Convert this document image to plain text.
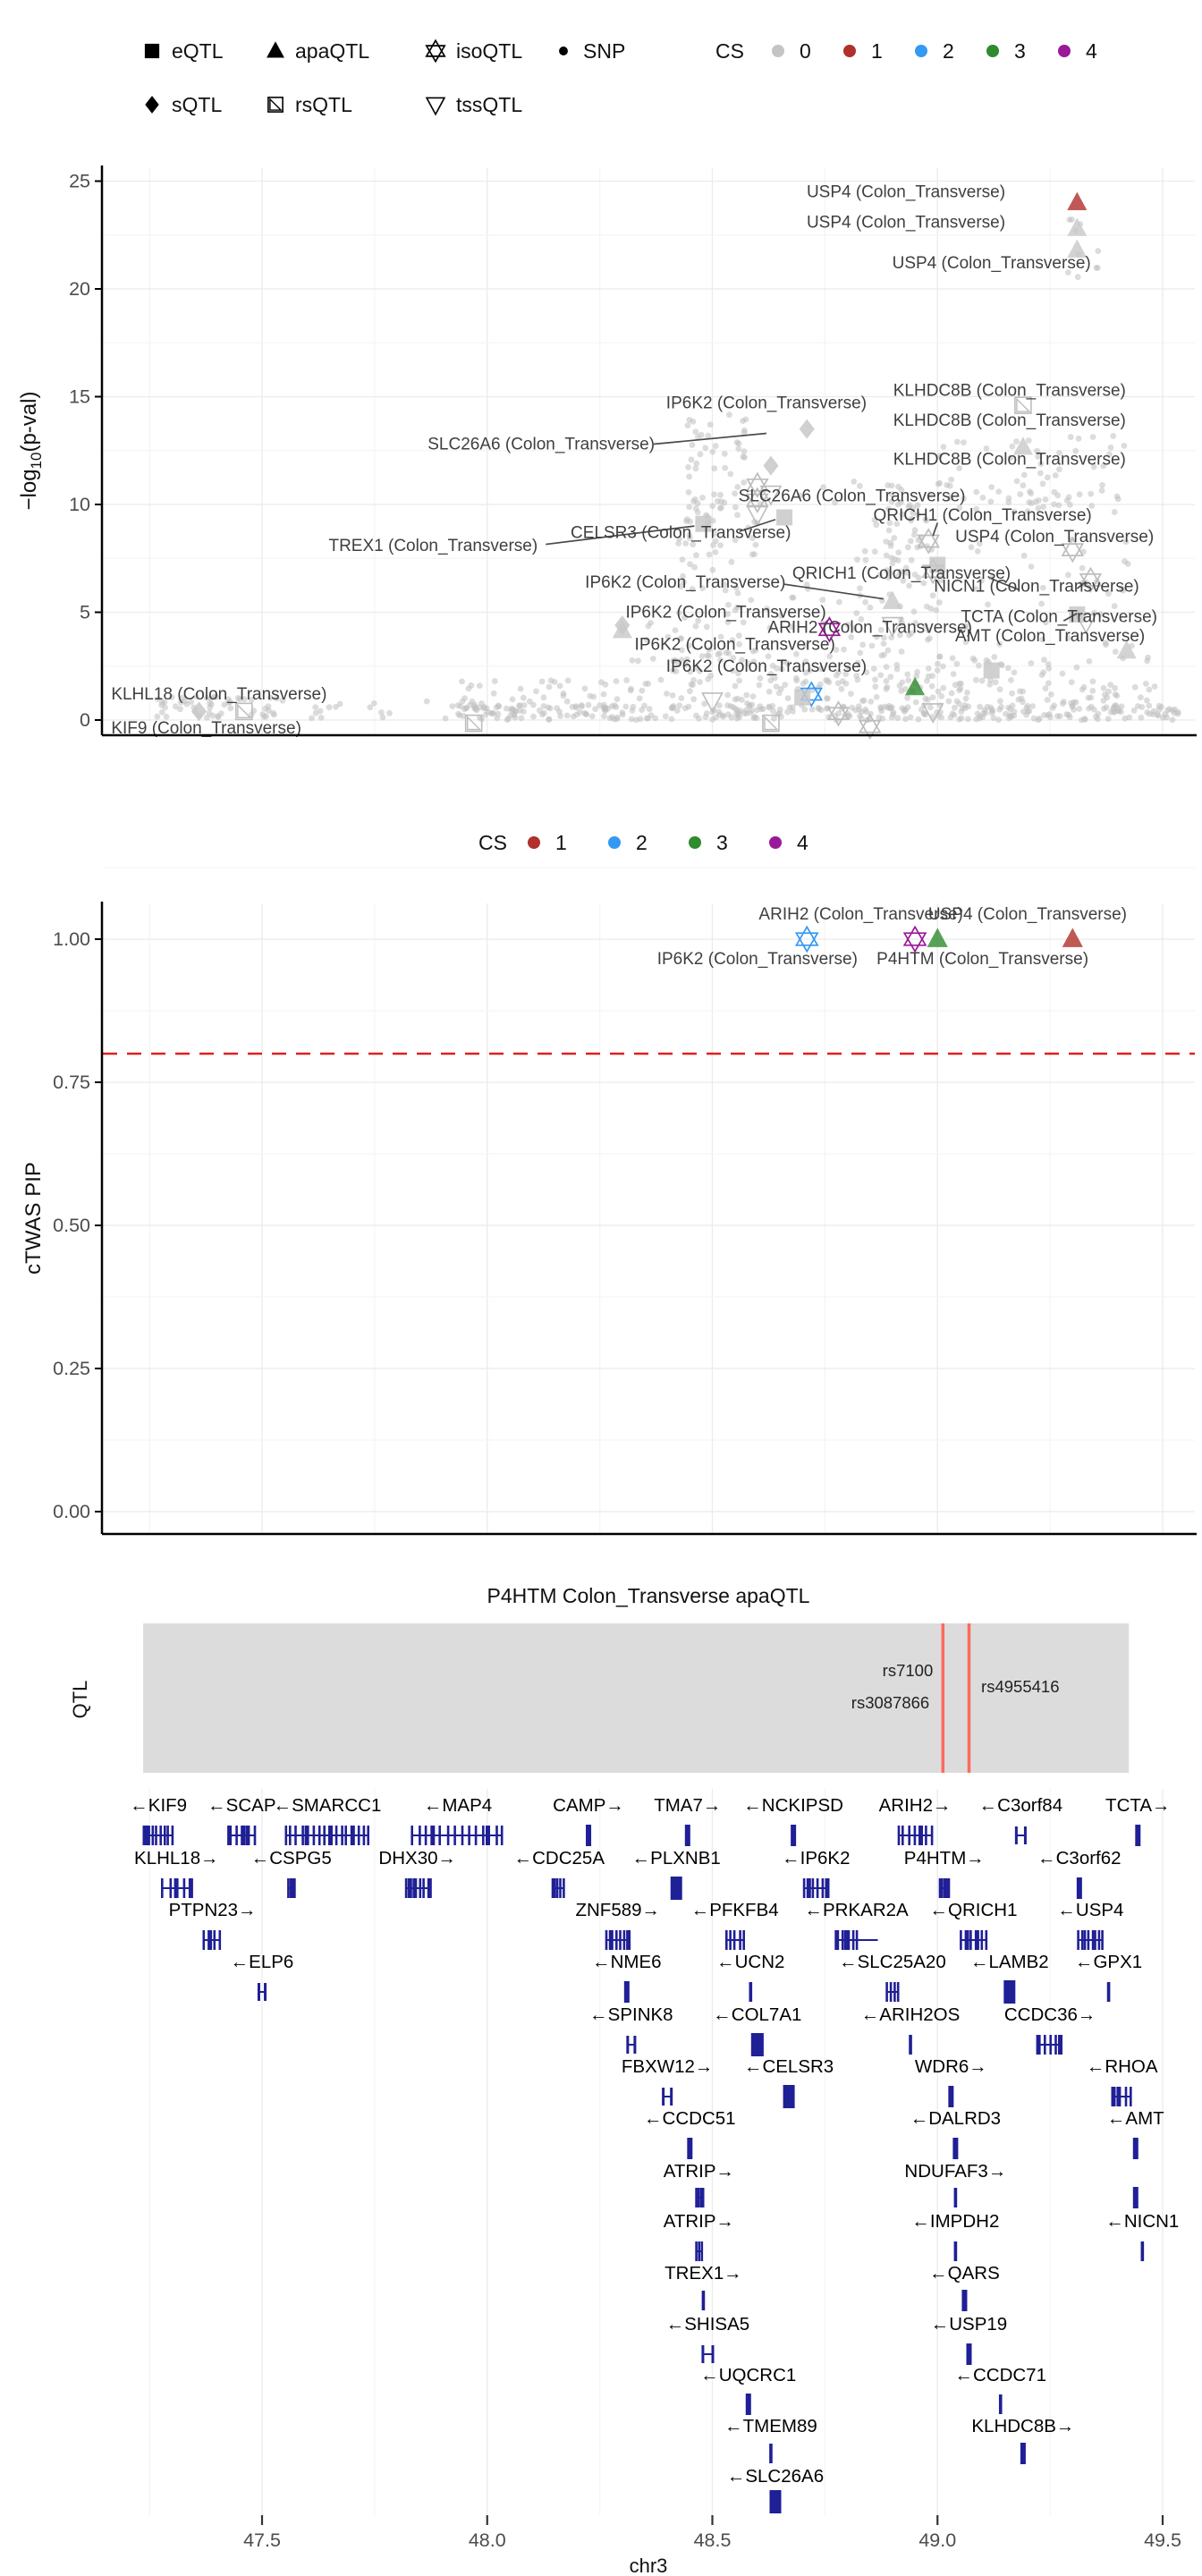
USP4 (Colon_Transverse)
USP4 (Colon_Transverse)
USP4 (Colon_Transverse)
KLHDC8B (Colon_Transverse)
KLHDC8B (Colon_Transverse)
KLHDC8B (Colon_Transverse)
IP6K2 (Colon_Transverse)
SLC26A6 (Colon_Transverse)
SLC26A6 (Colon_Transverse)
QRICH1 (Colon_Transverse)
USP4 (Colon_Transverse)
TREX1 (Colon_Transverse)
CELSR3 (Colon_Transverse)
QRICH1 (Colon_Transverse)
NICN1 (Colon_Transverse)
IP6K2 (Colon_Transverse)
IP6K2 (Colon_Transverse)
IP6K2 (Colon_Transverse)
ARIH2 (Colon_Transverse)
TCTA (Colon_Transverse)
AMT (Colon_Transverse)
IP6K2 (Colon_Transverse)
KLHL18 (Colon_Transverse)
KIF9 (Colon_Transverse)
0
5
10
15
20
25
$-\log_{10}(p-val)$
eQTL	apaQTL	isoQTL	SNP
sQTL	rsQTL	tssQTL
CS	0	1	2	3	4
ARIH2 (Colon_Transverse)
USP4 (Colon_Transverse)
IP6K2 (Colon_Transverse) P4HTM (Colon_Transverse)
1.00
0.75
0.50
0.25
0.00
cTWAS PIP
CS 1	2	3	4
P4HTM Colon_Transverse apaQTL
rs7100
rs4955416
rs3087866
QTL
←KIF9 ←SCAP
←SMARCC1 ←MAP4	CAMP→ TMA7→ ←NCKIPSD ARIH2→ ←C3orf84 TCTA→
KLHL18→ ←CSPG5	DHX30→	←CDC25A ←PLXNB1	←IP6K2	P4HTM→	←C3orf62
PTPN23→	ZNF589→ ←PFKFB4 ←PRKAR2A ←QRICH1 ←USP4
←ELP6	←NME6	←UCN2	←SLC25A20 ←LAMB2 ←GPX1
←SPINK8 ←COL7A1	←ARIH2OS CCDC36→
FBXW12→ ←CELSR3	WDR6→	←RHOA
←CCDC51	←DALRD3	←AMT
ATRIP→	NDUFAF3→
ATRIP→	←IMPDH2	←NICN1
TREX1→	←QARS
←SHISA5	←USP19
←UQCRC1	←CCDC71
←TMEM89	KLHDC8B→
←SLC26A6
47.5	48.0	48.5	49.0	49.5
chr3
